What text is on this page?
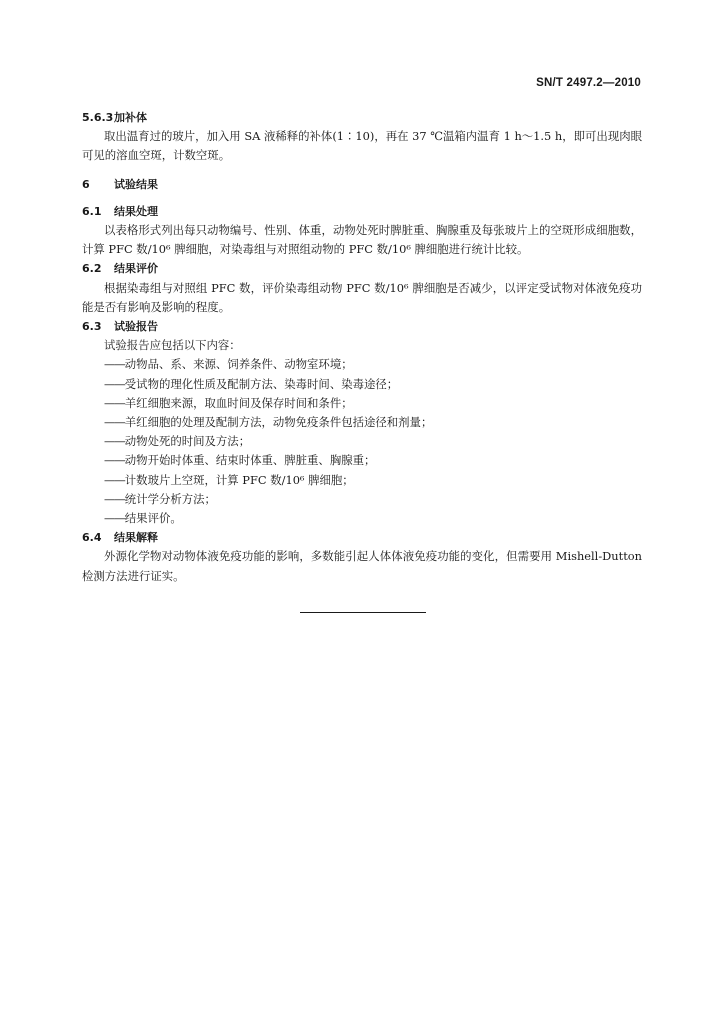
SN/T 2497.2—2010

5.6.3加补体

取出温育过的玻片，加入用 SA 液稀释的补体(1∶10)，再在 37 ℃温箱内温育 1 h～1.5 h，即可出现肉眼可见的溶血空斑，计数空斑。

6 试验结果

6.1 结果处理

以表格形式列出每只动物编号、性别、体重，动物处死时脾脏重、胸腺重及每张玻片上的空斑形成细胞数，计算 PFC 数/10⁶ 脾细胞，对染毒组与对照组动物的 PFC 数/10⁶ 脾细胞进行统计比较。

6.2 结果评价

根据染毒组与对照组 PFC 数，评价染毒组动物 PFC 数/10⁶ 脾细胞是否减少，以评定受试物对体液免疫功能是否有影响及影响的程度。

6.3 试验报告

试验报告应包括以下内容：

——动物品、系、来源、饲养条件、动物室环境；

——受试物的理化性质及配制方法、染毒时间、染毒途径；

——羊红细胞来源，取血时间及保存时间和条件；

——羊红细胞的处理及配制方法，动物免疫条件包括途径和剂量；

——动物处死的时间及方法；

——动物开始时体重、结束时体重、脾脏重、胸腺重；

——计数玻片上空斑，计算 PFC 数/10⁶ 脾细胞；

——统计学分析方法；

——结果评价。

6.4 结果解释

外源化学物对动物体液免疫功能的影响，多数能引起人体体液免疫功能的变化，但需要用 Mishell-Dutton 检测方法进行证实。
